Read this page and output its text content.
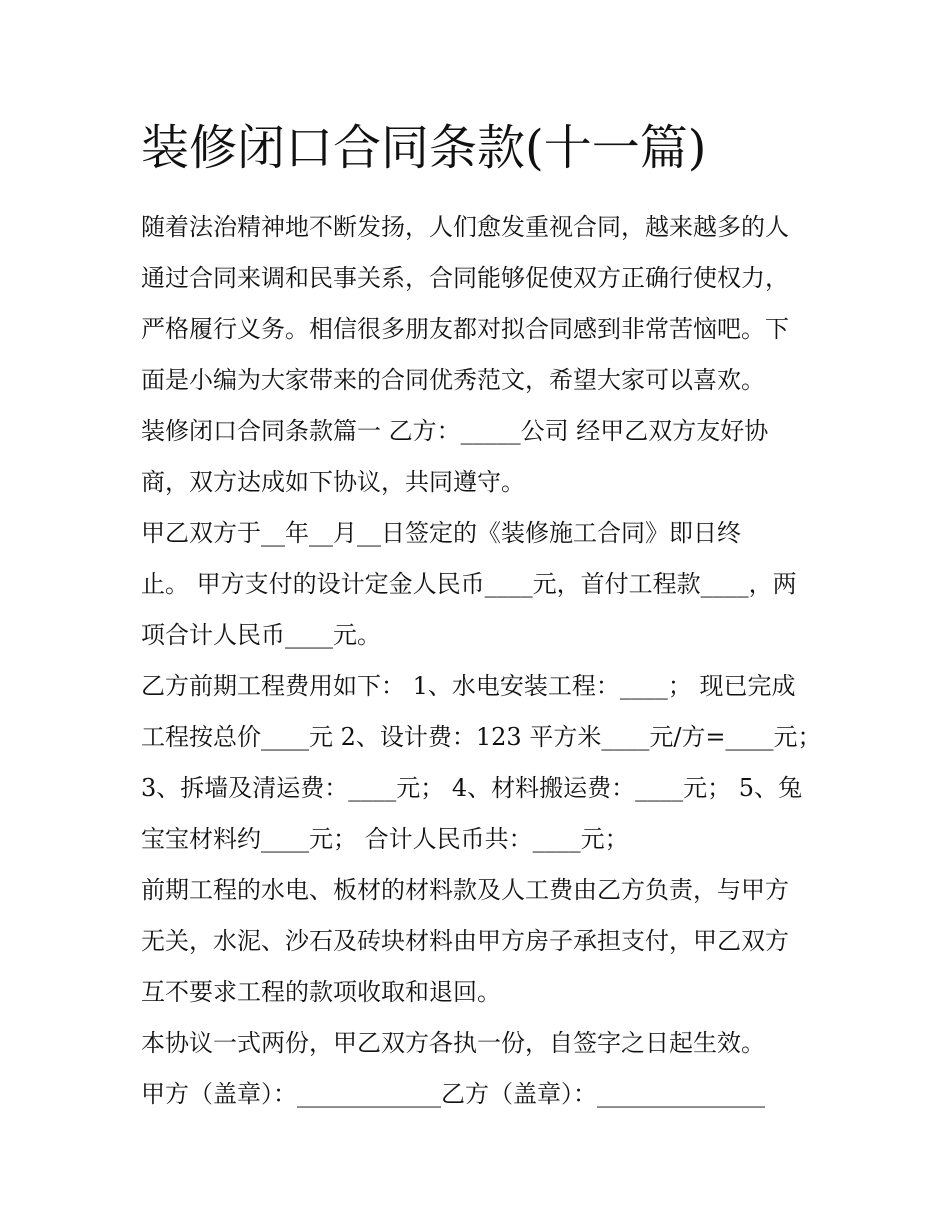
装修闭口合同条款(十一篇)

随着法治精神地不断发扬，人们愈发重视合同，越来越多的人

通过合同来调和民事关系，合同能够促使双方正确行使权力，

严格履行义务。相信很多朋友都对拟合同感到非常苦恼吧。下

面是小编为大家带来的合同优秀范文，希望大家可以喜欢。

装修闭口合同条款篇一 乙方：_____公司 经甲乙双方友好协

商，双方达成如下协议，共同遵守。

甲乙双方于__年__月__日签定的《装修施工合同》即日终

止。 甲方支付的设计定金人民币____元，首付工程款____，两

项合计人民币____元。

乙方前期工程费用如下： 1、水电安装工程：____； 现已完成

工程按总价____元 2、设计费：123 平方米____元/方=____元；

3、拆墙及清运费：____元； 4、材料搬运费：____元； 5、兔

宝宝材料约____元； 合计人民币共：____元；

前期工程的水电、板材的材料款及人工费由乙方负责，与甲方

无关，水泥、沙石及砖块材料由甲方房子承担支付，甲乙双方

互不要求工程的款项收取和退回。

本协议一式两份，甲乙双方各执一份，自签字之日起生效。

甲方（盖章）：____________乙方（盖章）：______________
